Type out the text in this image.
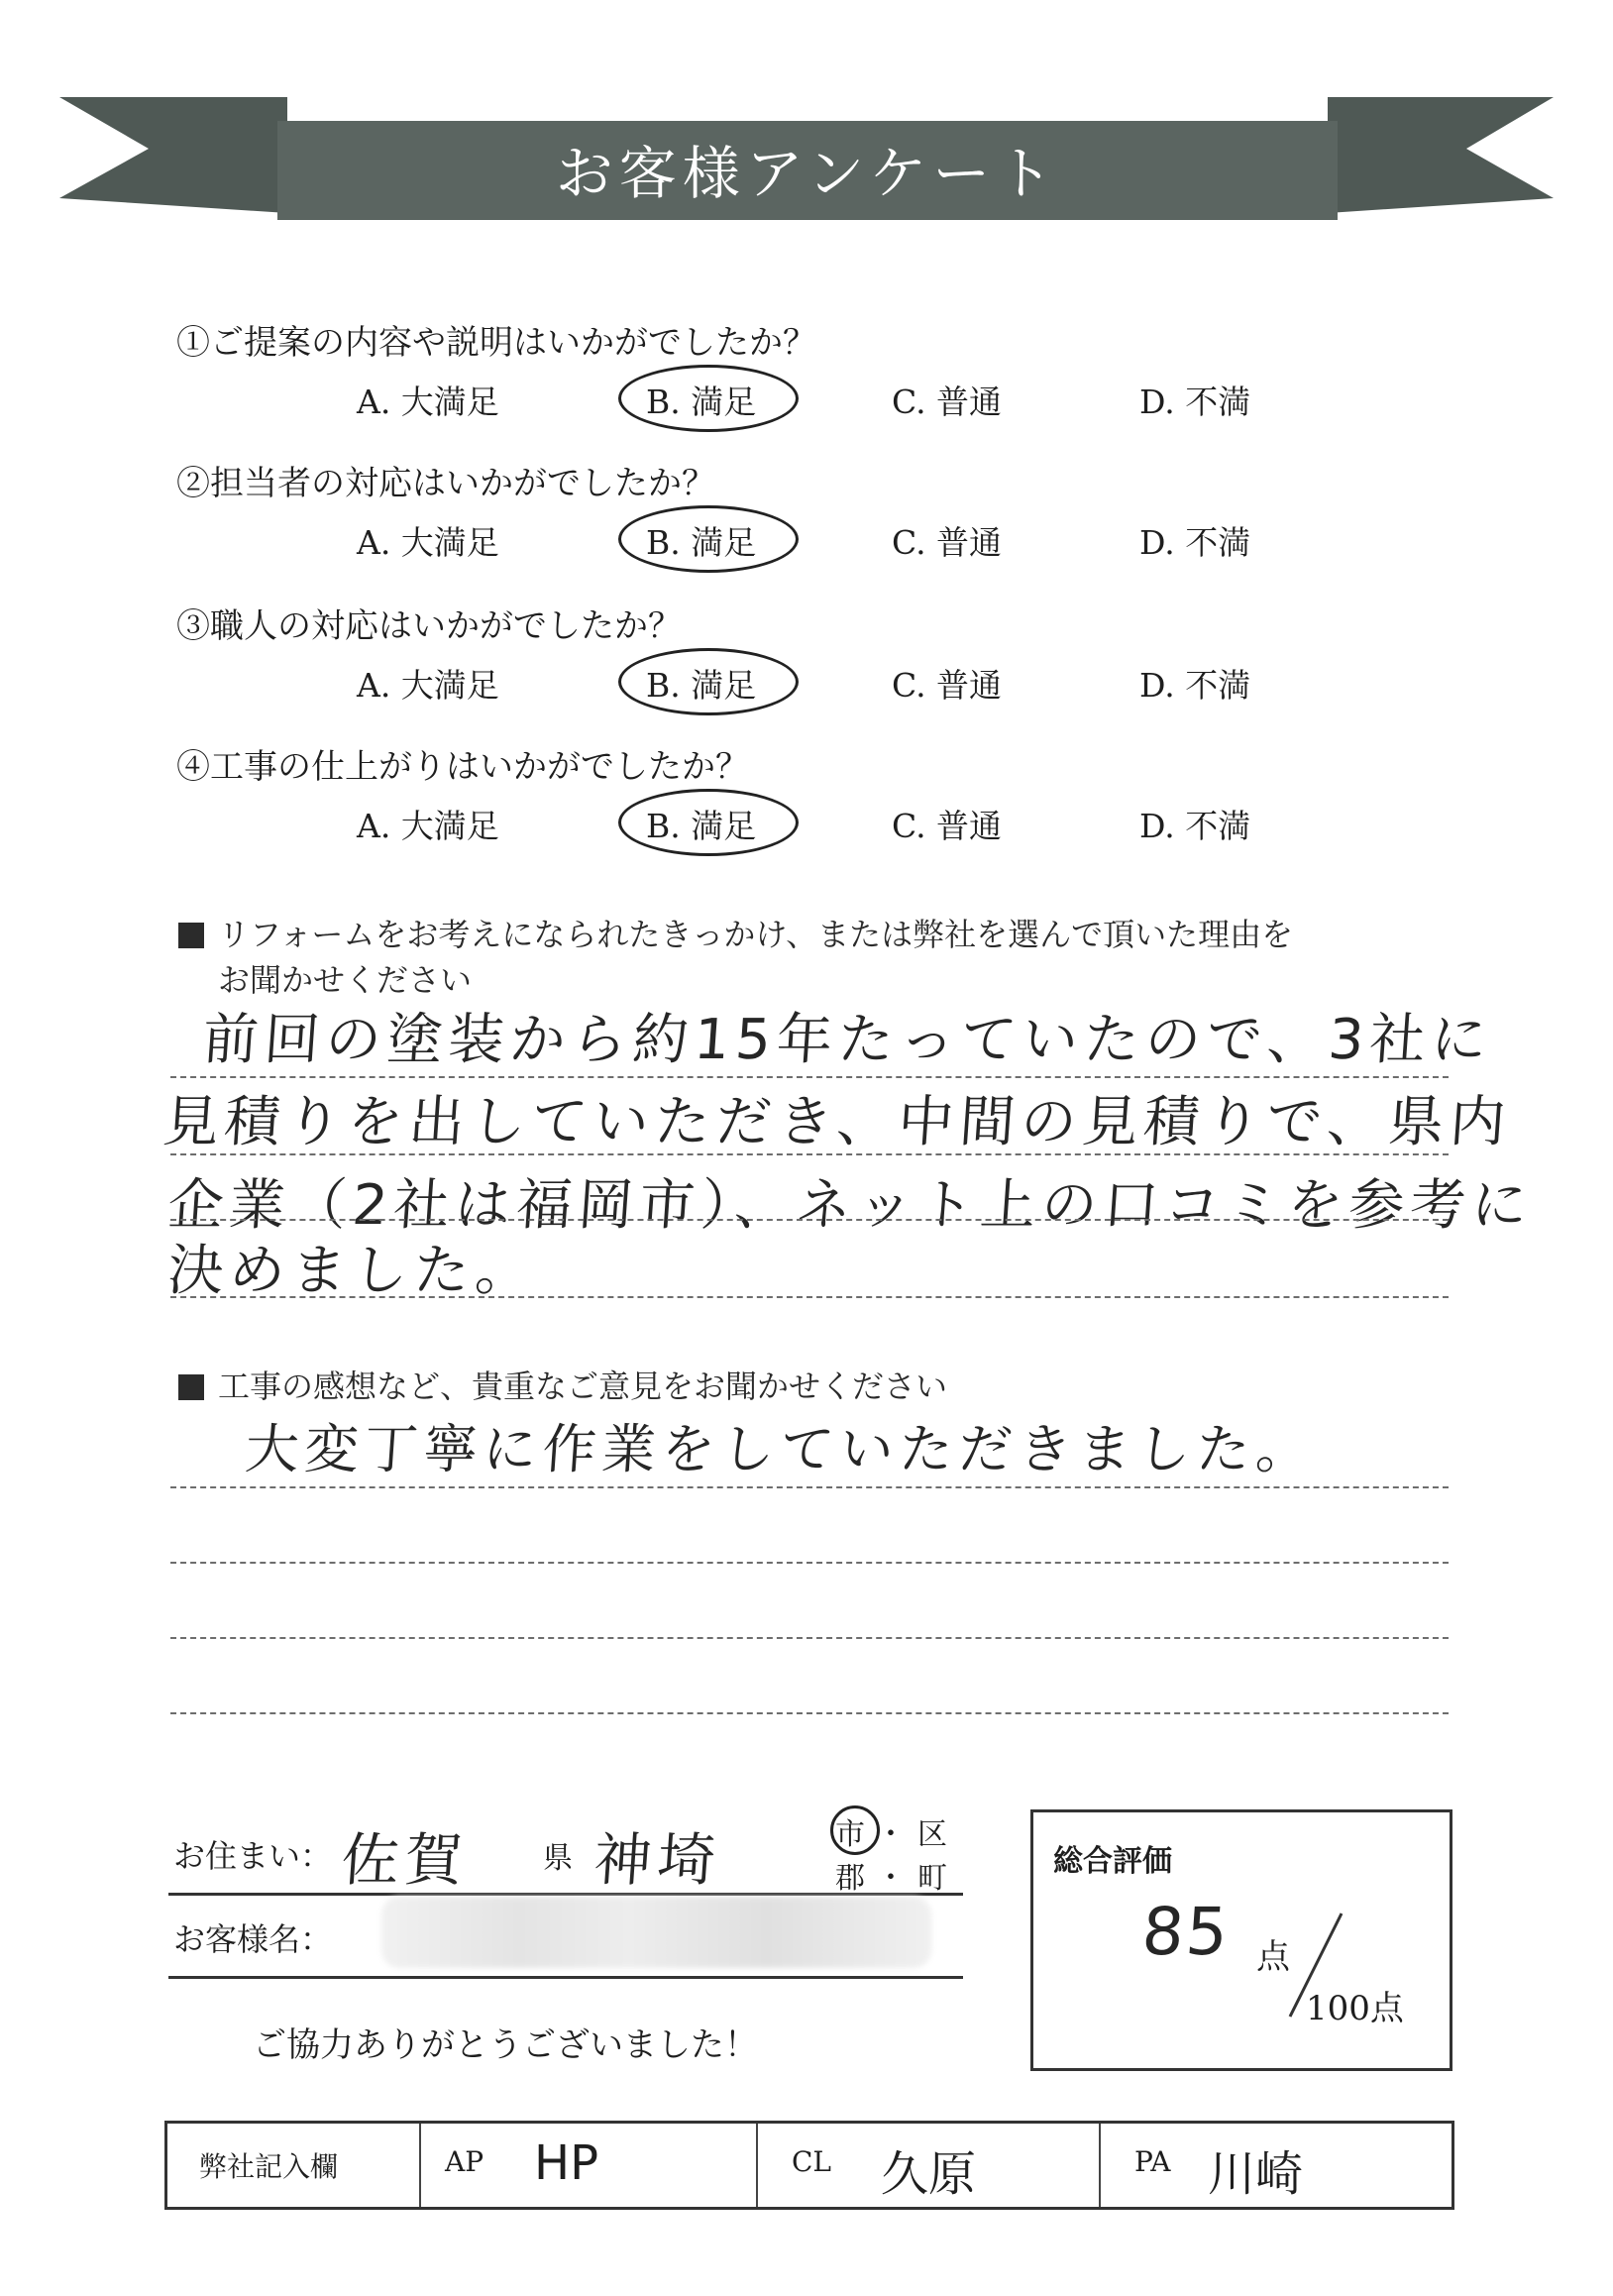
お客様アンケート
①ご提案の内容や説明はいかがでしたか？
A. 大満足	B. 満足	C. 普通	D. 不満
②担当者の対応はいかがでしたか？
A. 大満足	B. 満足	C. 普通	D. 不満
③職人の対応はいかがでしたか？
A. 大満足	B. 満足	C. 普通	D. 不満
④工事の仕上がりはいかがでしたか？
A. 大満足	B. 満足	C. 普通	D. 不満
リフォームをお考えになられたきっかけ、または弊社を選んで頂いた理由を
お聞かせください
前回の塗装から約15年たっていたので、3社に
見積りを出していただき、中間の見積りで、県内
企業（2社は福岡市）、ネット上の口コミを参考に
決めました。
工事の感想など、貴重なご意見をお聞かせください
大変丁寧に作業をしていただきました。
お住まい： 佐賀 県 神埼	市 ・ 区
郡 ・ 町
お客様名：
ご協力ありがとうございました！
総合評価
85 点
100点
弊社記入欄	AP HP	CL 久原	PA 川崎
